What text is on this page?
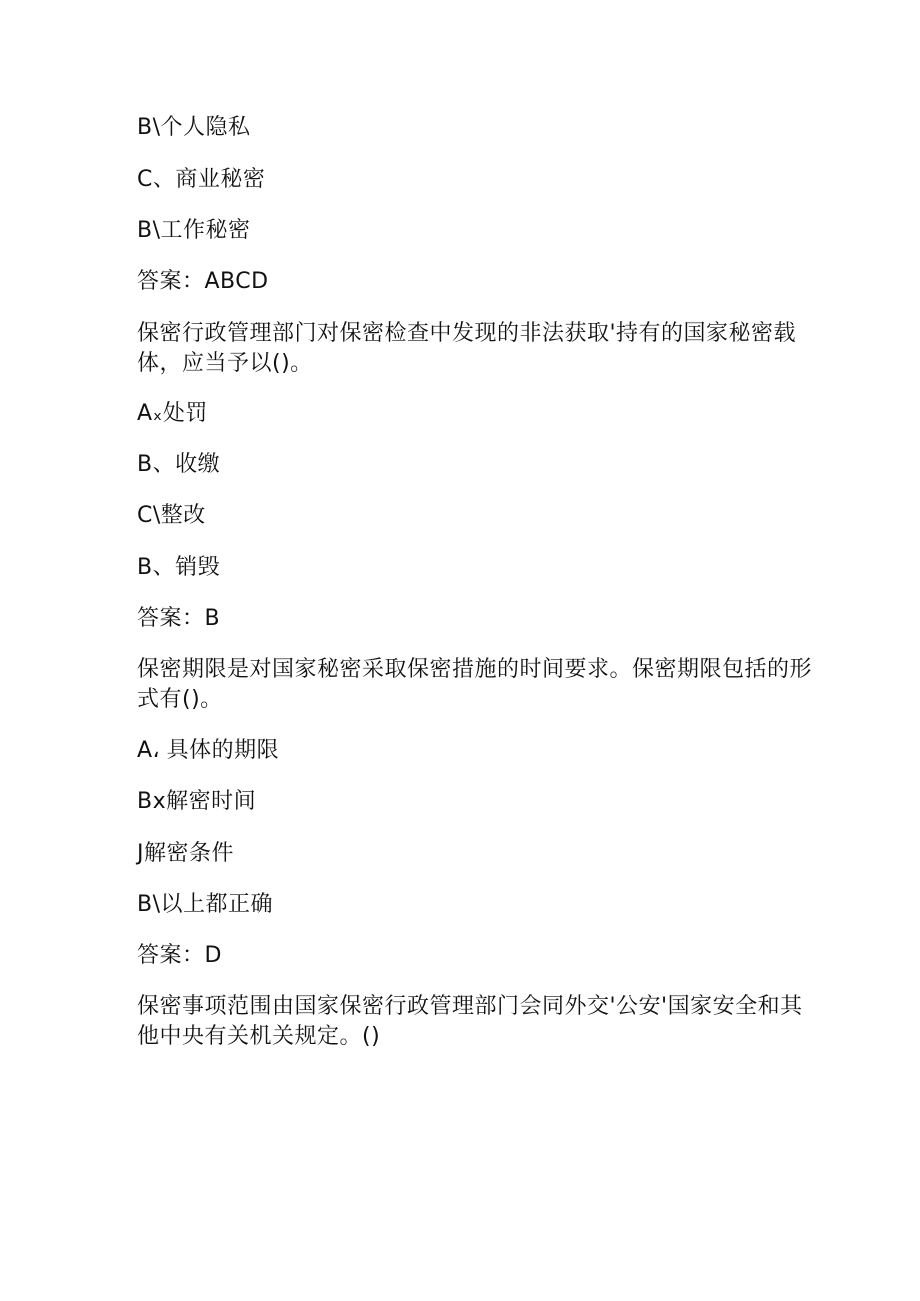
B\个人隐私
C、商业秘密
B\工作秘密
答案：ABCD
保密行政管理部门对保密检查中发现的非法获取'持有的国家秘密载
体，应当予以()。
Aₓ处罚
B、收缴
C\整改
B、销毁
答案：B
保密期限是对国家秘密采取保密措施的时间要求。保密期限包括的形
式有()。
A، 具体的期限
Bx解密时间
J解密条件
B\以上都正确
答案：D
保密事项范围由国家保密行政管理部门会同外交'公安'国家安全和其
他中央有关机关规定。()
